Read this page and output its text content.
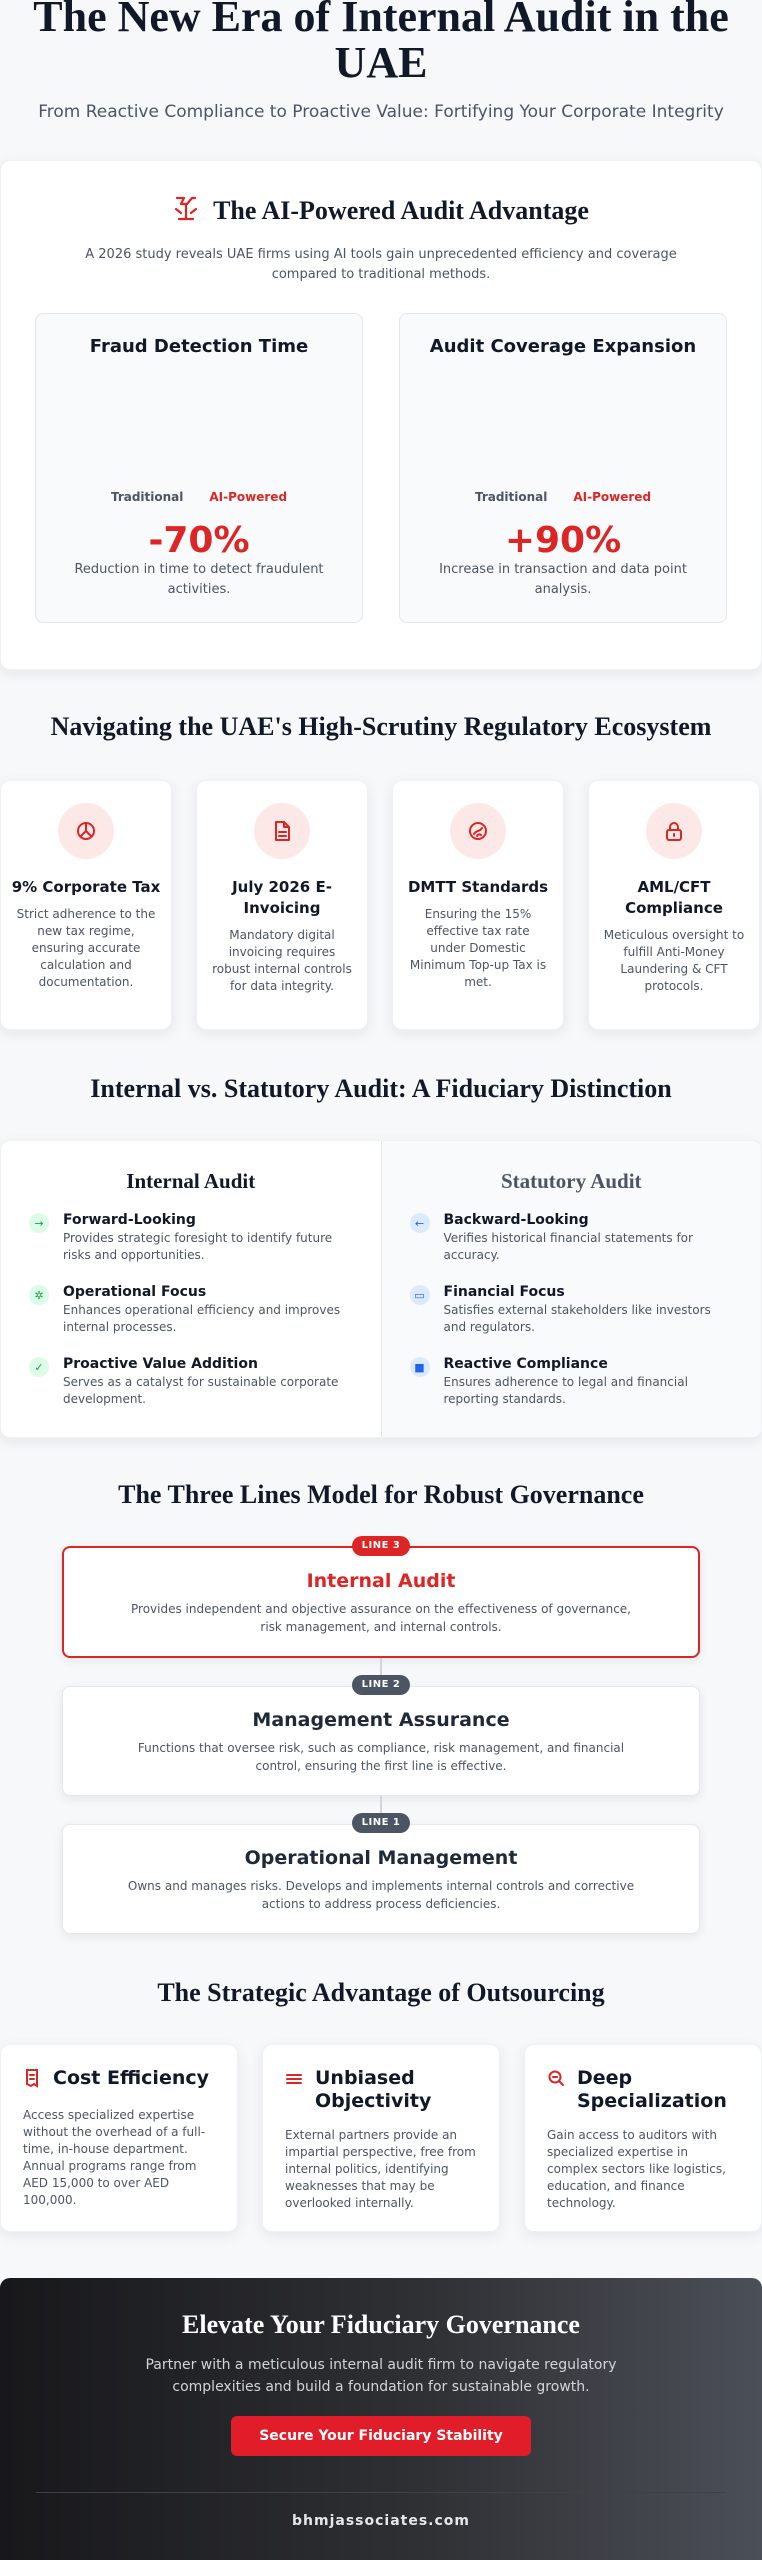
The New Era of Internal Audit in the UAE
From Reactive Compliance to Proactive Value: Fortifying Your Corporate Integrity
The AI-Powered Audit Advantage

A 2026 study reveals UAE firms using AI tools gain unprecedented efficiency and coverage compared to traditional methods.

Fraud Detection Time
Traditional AI-Powered
-70%
Reduction in time to detect fraudulent activities.
Audit Coverage Expansion
Traditional AI-Powered
+90%
Increase in transaction and data point analysis.
Navigating the UAE's High-Scrutiny Regulatory Ecosystem
9% Corporate Tax

Strict adherence to the new tax regime, ensuring accurate calculation and documentation.

July 2026 E-Invoicing

Mandatory digital invoicing requires robust internal controls for data integrity.

DMTT Standards

Ensuring the 15% effective tax rate under Domestic Minimum Top-up Tax is met.

AML/CFT Compliance

Meticulous oversight to fulfill Anti-Money Laundering & CFT protocols.

Internal vs. Statutory Audit: A Fiduciary Distinction
Internal Audit
→	Forward-Looking
Provides strategic foresight to identify future risks and opportunities.
✲	Operational Focus
Enhances operational efficiency and improves internal processes.
✓	Proactive Value Addition
Serves as a catalyst for sustainable corporate development.
Statutory Audit
←	Backward-Looking
Verifies historical financial statements for accuracy.
▭	Financial Focus
Satisfies external stakeholders like investors and regulators.
■	Reactive Compliance
Ensures adherence to legal and financial reporting standards.
The Three Lines Model for Robust Governance
LINE 3
Internal Audit

Provides independent and objective assurance on the effectiveness of governance, risk management, and internal controls.

LINE 2
Management Assurance

Functions that oversee risk, such as compliance, risk management, and financial control, ensuring the first line is effective.

LINE 1
Operational Management

Owns and manages risks. Develops and implements internal controls and corrective actions to address process deficiencies.

The Strategic Advantage of Outsourcing
Cost Efficiency

Access specialized expertise without the overhead of a full-time, in-house department. Annual programs range from AED 15,000 to over AED 100,000.

Unbiased Objectivity

External partners provide an impartial perspective, free from internal politics, identifying weaknesses that may be overlooked internally.

Deep Specialization

Gain access to auditors with specialized expertise in complex sectors like logistics, education, and finance technology.

Elevate Your Fiduciary Governance

Partner with a meticulous internal audit firm to navigate regulatory complexities and build a foundation for sustainable growth.

Secure Your Fiduciary Stability
bhmjassociates.com
